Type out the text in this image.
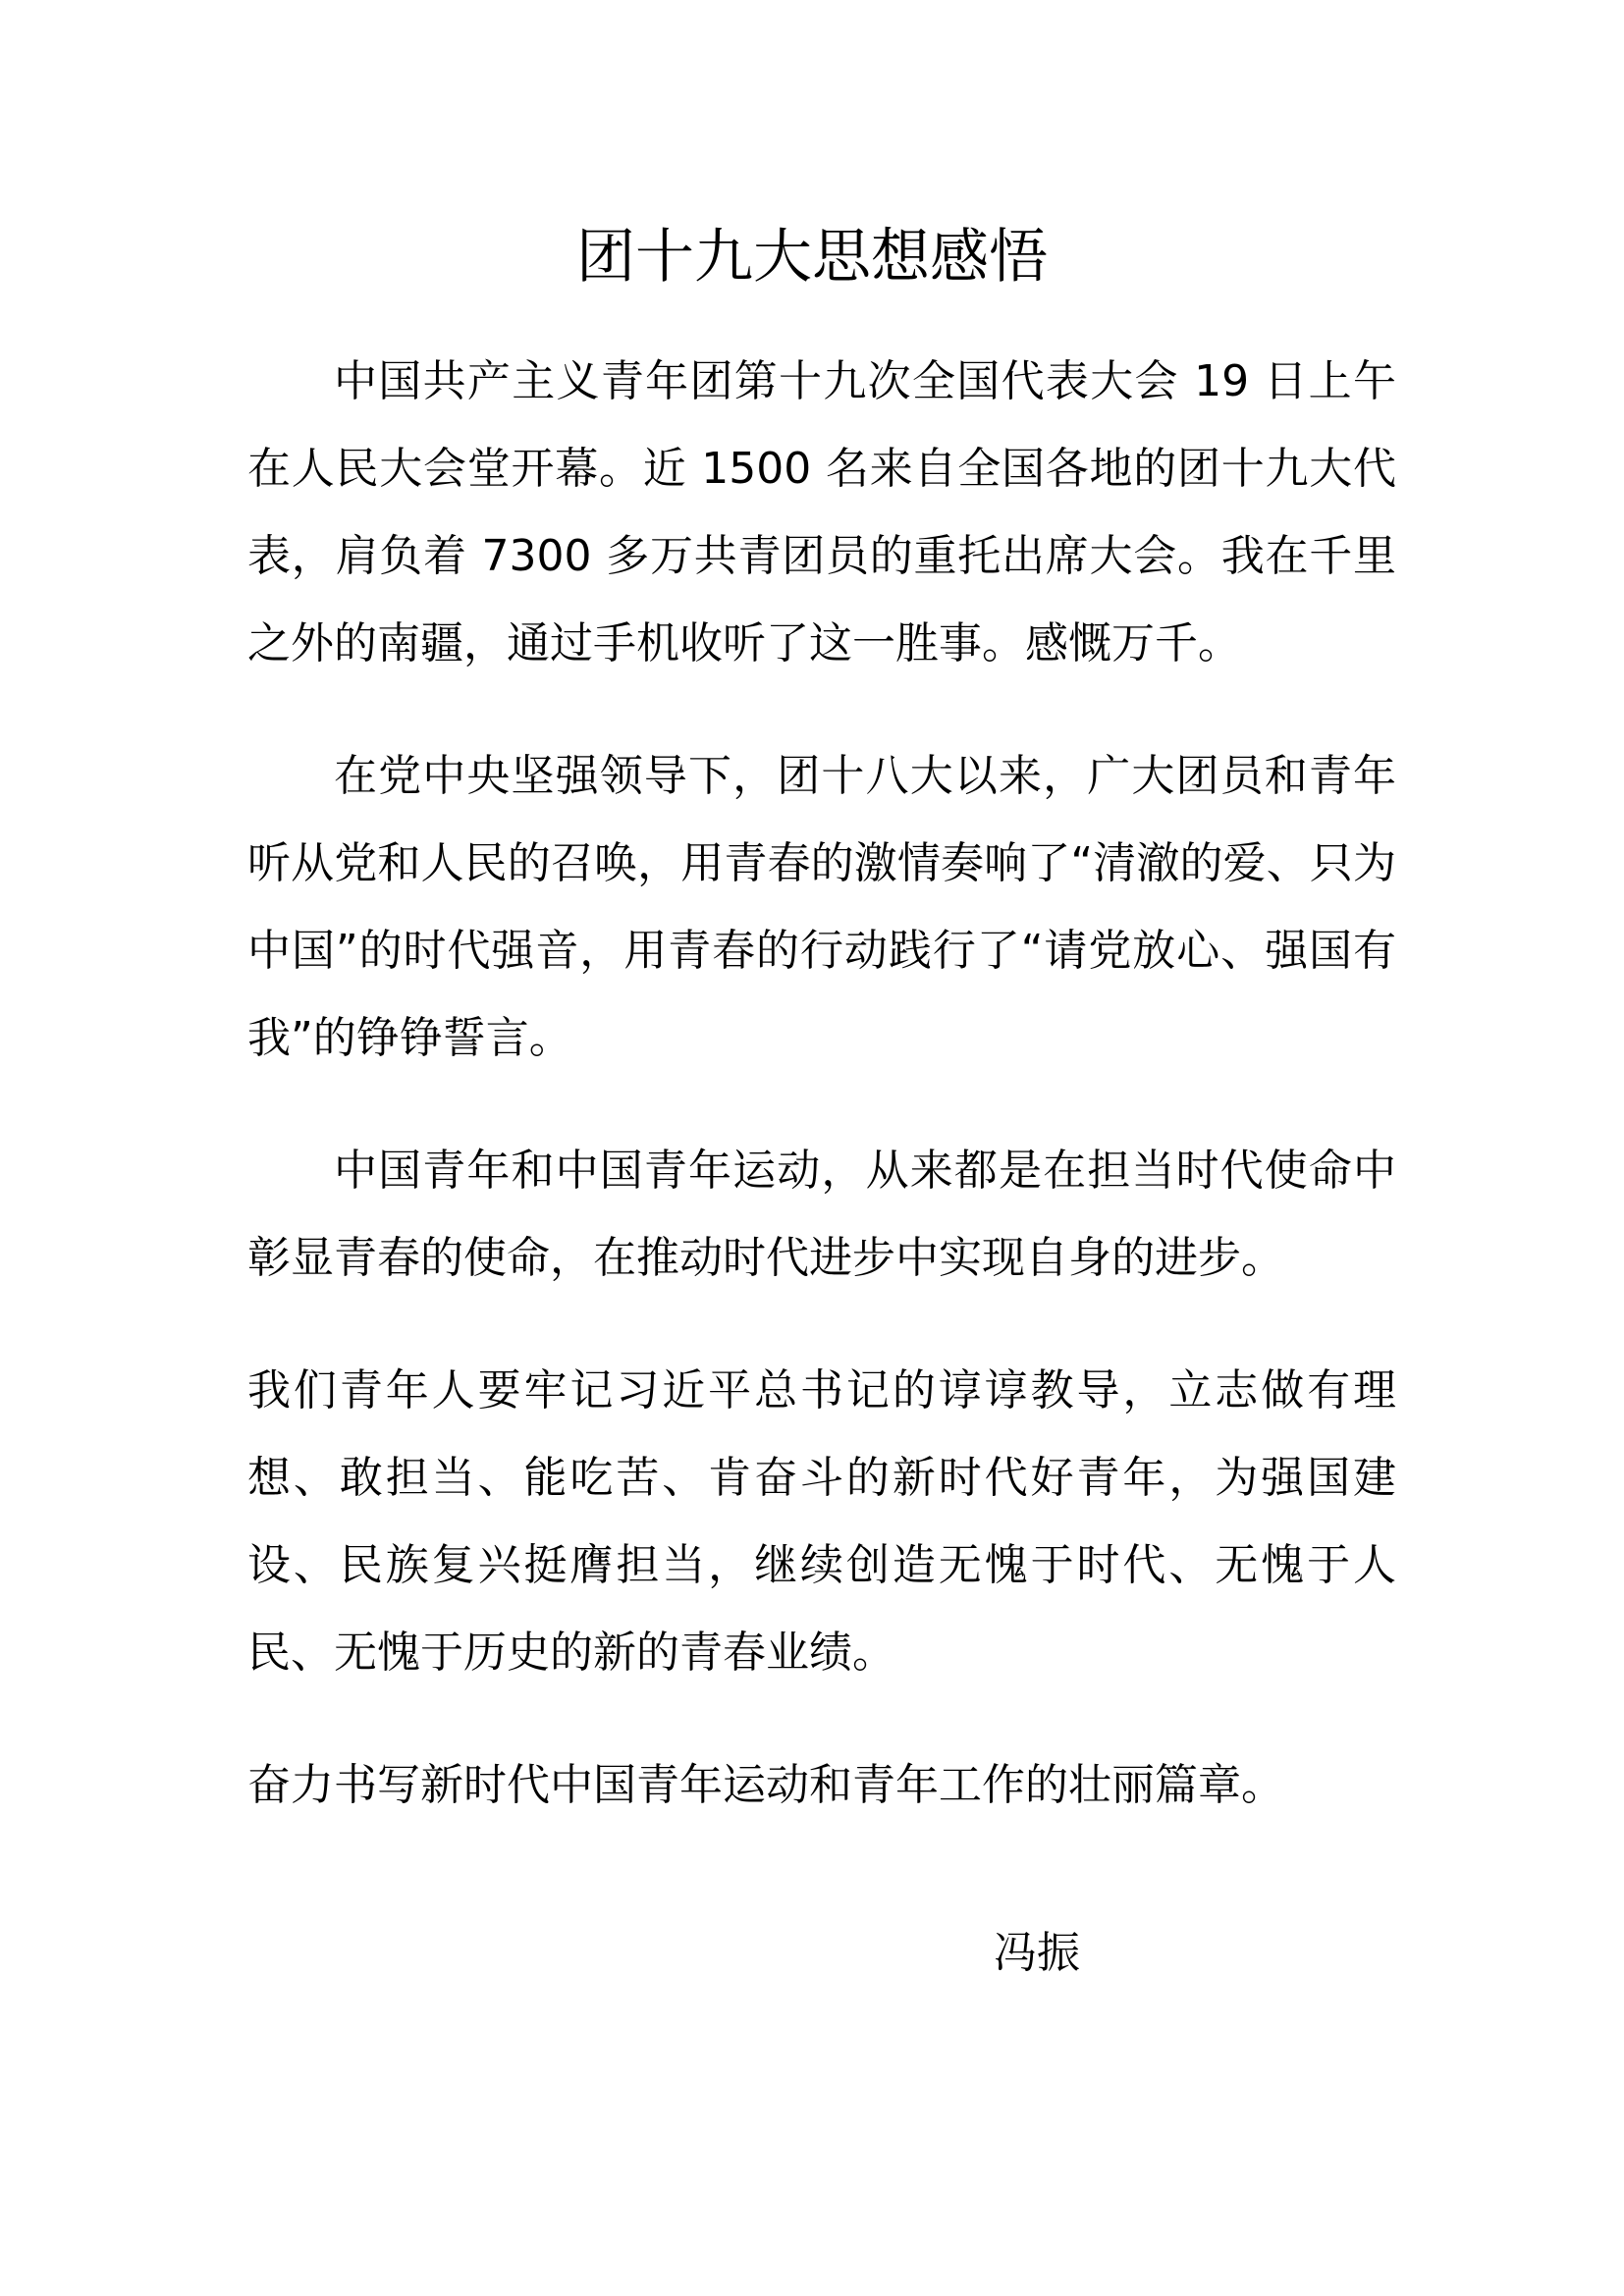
团十九大思想感悟

中国共产主义青年团第十九次全国代表大会 19 日上午在人民大会堂开幕。近 1500 名来自全国各地的团十九大代表，肩负着 7300 多万共青团员的重托出席大会。我在千里之外的南疆，通过手机收听了这一胜事。感慨万千。

在党中央坚强领导下，团十八大以来，广大团员和青年听从党和人民的召唤，用青春的激情奏响了“清澈的爱、只为中国”的时代强音，用青春的行动践行了“请党放心、强国有我”的铮铮誓言。

中国青年和中国青年运动，从来都是在担当时代使命中彰显青春的使命，在推动时代进步中实现自身的进步。

我们青年人要牢记习近平总书记的谆谆教导，立志做有理想、敢担当、能吃苦、肯奋斗的新时代好青年，为强国建设、民族复兴挺膺担当，继续创造无愧于时代、无愧于人民、无愧于历史的新的青春业绩。

奋力书写新时代中国青年运动和青年工作的壮丽篇章。

冯振
